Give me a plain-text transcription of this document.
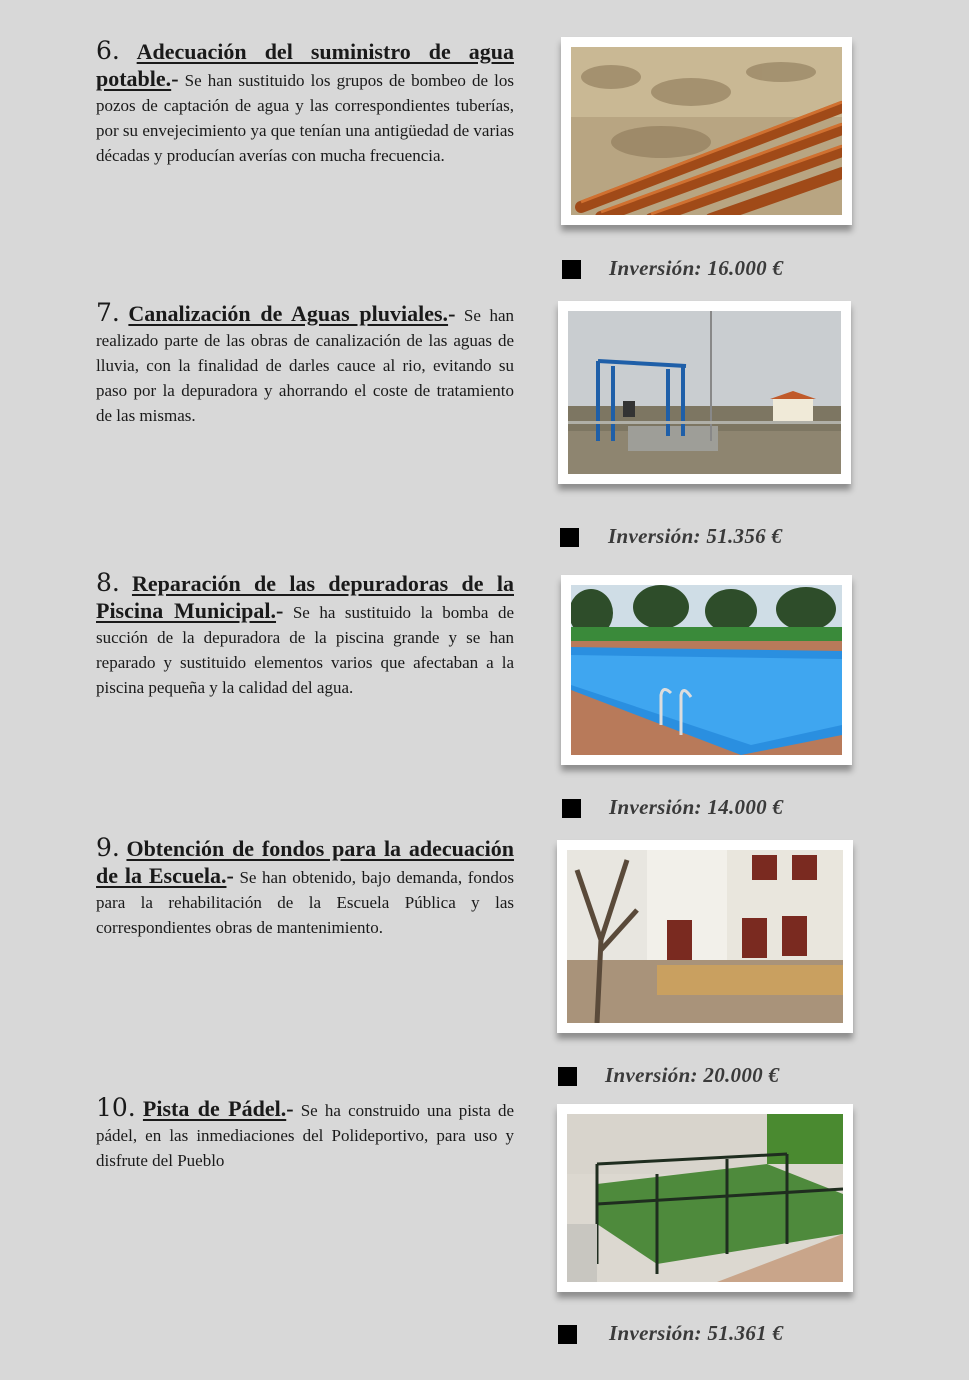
6. Adecuación del suministro de agua potable.- Se han sustituido los grupos de bombeo de los pozos de captación de agua y las correspondientes tuberías, por su envejecimiento ya que tenían una antigüedad de varias décadas y producían averías con mucha frecuencia.
Inversión: 16.000 €
7. Canalización de Aguas pluviales.- Se han realizado parte de las obras de canalización de las aguas de lluvia, con la finalidad de darles cauce al rio, evitando su paso por la depuradora y ahorrando el coste de tratamiento de las mismas.
Inversión: 51.356 €
8. Reparación de las depuradoras de la Piscina Municipal.- Se ha sustituido la bomba de succión de la depuradora de la piscina grande y se han reparado y sustituido elementos varios que afectaban a la piscina pequeña y la calidad del agua.
Inversión: 14.000 €
9. Obtención de fondos para la adecuación de la Escuela.- Se han obtenido, bajo demanda, fondos para la rehabilitación de la Escuela Pública y las correspondientes obras de mantenimiento.
Inversión: 20.000 €
10. Pista de Pádel.- Se ha construido una pista de pádel, en las inmediaciones del Polideportivo, para uso y disfrute del Pueblo
Inversión: 51.361 €
